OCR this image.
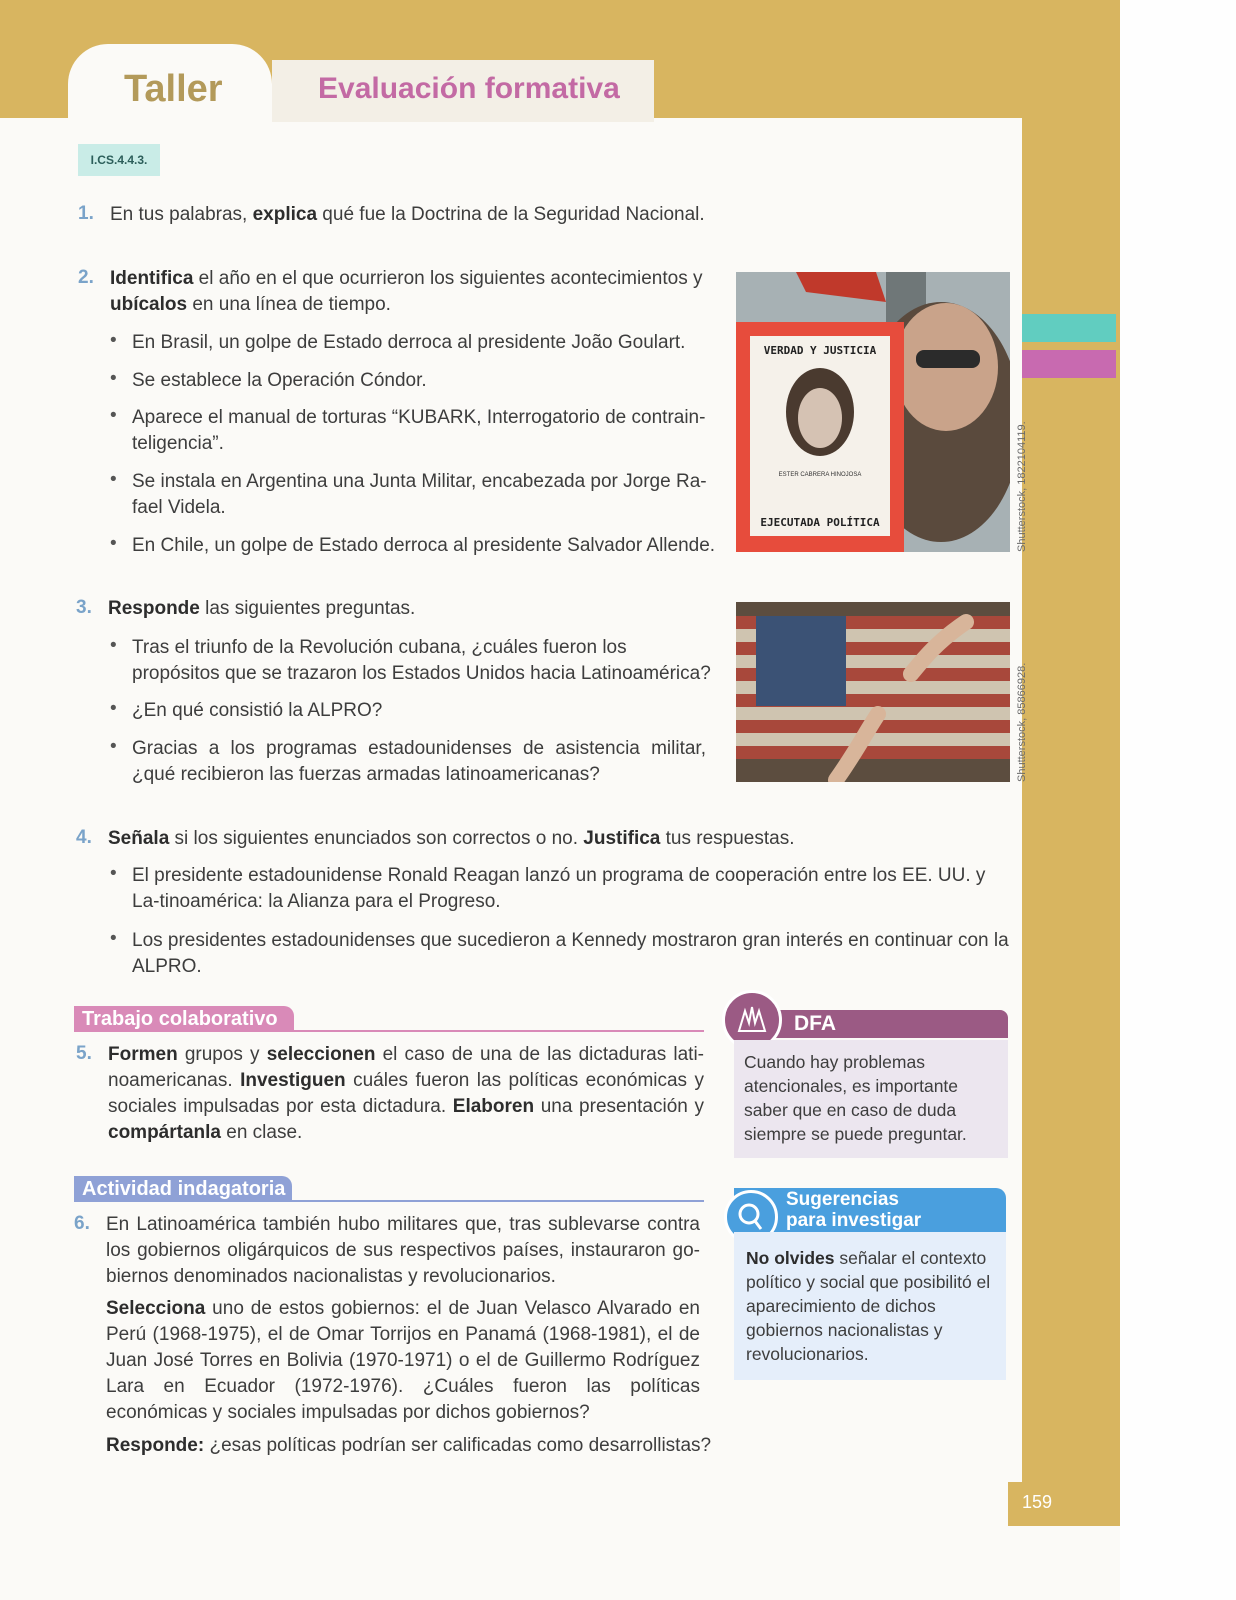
Taller	Evaluación formativa
I.CS.4.4.3.
1. En tus palabras, explica qué fue la Doctrina de la Seguridad Nacional.
2. Identifica el año en el que ocurrieron los siguientes acontecimientos y ubícalos en una línea de tiempo.
• En Brasil, un golpe de Estado derroca al presidente João Goulart.
• Se establece la Operación Cóndor.
• Aparece el manual de torturas “KUBARK, Interrogatorio de contrain-teligencia”.
• Se instala en Argentina una Junta Militar, encabezada por Jorge Ra-fael Videla.
• En Chile, un golpe de Estado derroca al presidente Salvador Allende.
VERDAD Y JUSTICIA
ESTER CABRERA HINOJOSA
EJECUTADA POLÍTICA	Shutterstock, 1822104119.
3. Responde las siguientes preguntas.
• Tras el triunfo de la Revolución cubana, ¿cuáles fueron los propósitos que se trazaron los Estados Unidos hacia Latinoamérica?
• ¿En qué consistió la ALPRO?
• Gracias a los programas estadounidenses de asistencia militar, ¿qué recibieron las fuerzas armadas latinoamericanas?	Shutterstock, 85866928.
4. Señala si los siguientes enunciados son correctos o no. Justifica tus respuestas.
• El presidente estadounidense Ronald Reagan lanzó un programa de cooperación entre los EE. UU. y La-tinoamérica: la Alianza para el Progreso.
• Los presidentes estadounidenses que sucedieron a Kennedy mostraron gran interés en continuar con la ALPRO.
Trabajo colaborativo
5. Formen grupos y seleccionen el caso de una de las dictaduras lati-noamericanas. Investiguen cuáles fueron las políticas económicas y sociales impulsadas por esta dictadura. Elaboren una presentación y compártanla en clase.
DFA
Cuando hay problemas atencionales, es importante saber que en caso de duda siempre se puede preguntar.
Actividad indagatoria
6. En Latinoamérica también hubo militares que, tras sublevarse contra los gobiernos oligárquicos de sus respectivos países, instauraron go-biernos denominados nacionalistas y revolucionarios.
Selecciona uno de estos gobiernos: el de Juan Velasco Alvarado en Perú (1968-1975), el de Omar Torrijos en Panamá (1968-1981), el de Juan José Torres en Bolivia (1970-1971) o el de Guillermo Rodríguez Lara en Ecuador (1972-1976). ¿Cuáles fueron las políticas económicas y sociales impulsadas por dichos gobiernos?
Responde: ¿esas políticas podrían ser calificadas como desarrollistas?
Sugerencias
para investigar
No olvides señalar el contexto político y social que posibilitó el aparecimiento de dichos gobiernos nacionalistas y revolucionarios.
159
